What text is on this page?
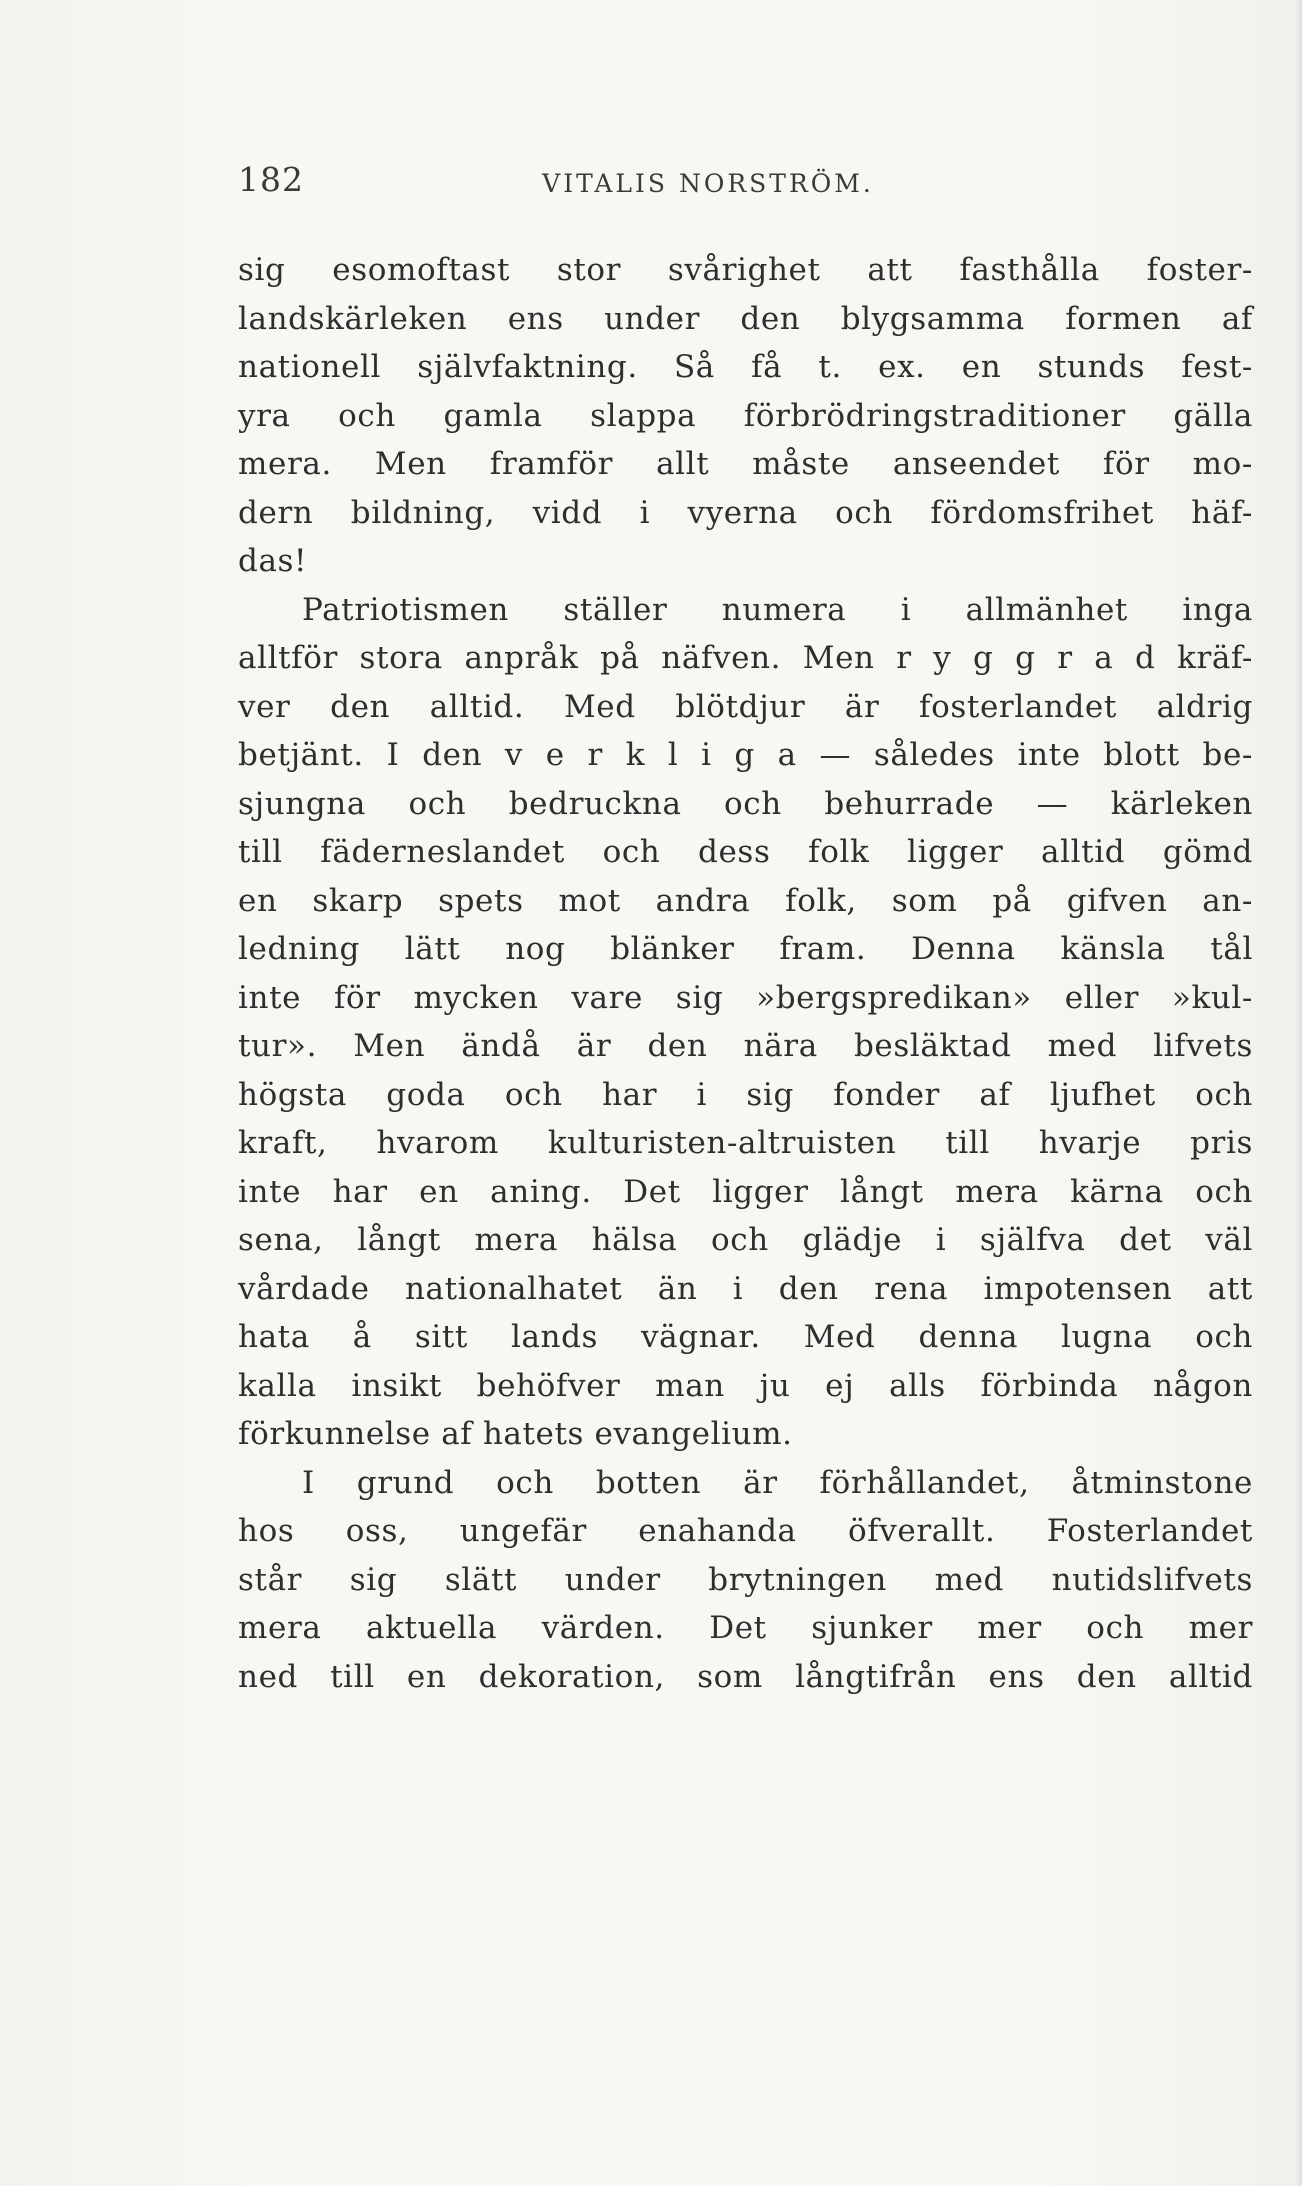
182	VITALIS NORSTRÖM.
sig esomoftast stor svårighet att fasthålla foster-
landskärleken ens under den blygsamma formen af
nationell självfaktning. Så få t. ex. en stunds fest-
yra och gamla slappa förbrödringstraditioner gälla
mera. Men framför allt måste anseendet för mo-
dern bildning, vidd i vyerna och fördomsfrihet häf-
das!
Patriotismen ställer numera i allmänhet inga
alltför stora anpråk på näfven. Men r y g g r a d kräf-
ver den alltid. Med blötdjur är fosterlandet aldrig
betjänt. I den v e r k l i g a — således inte blott be-
sjungna och bedruckna och behurrade — kärleken
till fäderneslandet och dess folk ligger alltid gömd
en skarp spets mot andra folk, som på gifven an-
ledning lätt nog blänker fram. Denna känsla tål
inte för mycken vare sig »bergspredikan» eller »kul-
tur». Men ändå är den nära besläktad med lifvets
högsta goda och har i sig fonder af ljufhet och
kraft, hvarom kulturisten-altruisten till hvarje pris
inte har en aning. Det ligger långt mera kärna och
sena, långt mera hälsa och glädje i själfva det väl
vårdade nationalhatet än i den rena impotensen att
hata å sitt lands vägnar. Med denna lugna och
kalla insikt behöfver man ju ej alls förbinda någon
förkunnelse af hatets evangelium.
I grund och botten är förhållandet, åtminstone
hos oss, ungefär enahanda öfverallt. Fosterlandet
står sig slätt under brytningen med nutidslifvets
mera aktuella värden. Det sjunker mer och mer
ned till en dekoration, som långtifrån ens den alltid
